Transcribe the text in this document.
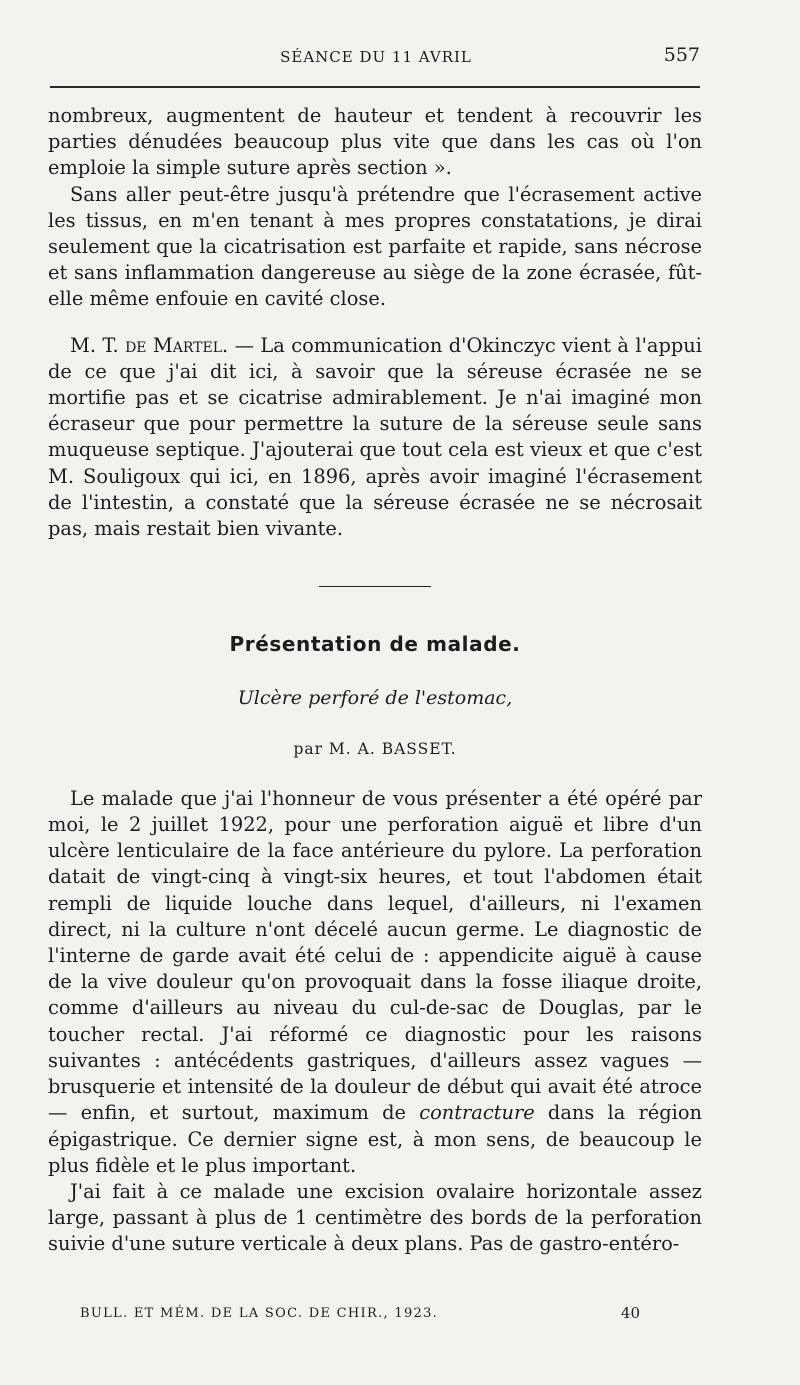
SÉANCE DU 11 AVRIL	557

nombreux, augmentent de hauteur et tendent à recouvrir les parties dénudées beaucoup plus vite que dans les cas où l'on emploie la simple suture après section ».

Sans aller peut-être jusqu'à prétendre que l'écrasement active les tissus, en m'en tenant à mes propres constatations, je dirai seulement que la cicatrisation est parfaite et rapide, sans nécrose et sans inflammation dangereuse au siège de la zone écrasée, fût-elle même enfouie en cavité close.

M. T. de Martel. — La communication d'Okinczyc vient à l'appui de ce que j'ai dit ici, à savoir que la séreuse écrasée ne se mortifie pas et se cicatrise admirablement. Je n'ai imaginé mon écraseur que pour permettre la suture de la séreuse seule sans muqueuse septique. J'ajouterai que tout cela est vieux et que c'est M. Souligoux qui ici, en 1896, après avoir imaginé l'écrasement de l'intestin, a constaté que la séreuse écrasée ne se nécrosait pas, mais restait bien vivante.

Présentation de malade.
Ulcère perforé de l'estomac,
par M. A. BASSET.

Le malade que j'ai l'honneur de vous présenter a été opéré par moi, le 2 juillet 1922, pour une perforation aiguë et libre d'un ulcère lenticulaire de la face antérieure du pylore. La perforation datait de vingt-cinq à vingt-six heures, et tout l'abdomen était rempli de liquide louche dans lequel, d'ailleurs, ni l'examen direct, ni la culture n'ont décelé aucun germe. Le diagnostic de l'interne de garde avait été celui de : appendicite aiguë à cause de la vive douleur qu'on provoquait dans la fosse iliaque droite, comme d'ailleurs au niveau du cul-de-sac de Douglas, par le toucher rectal. J'ai réformé ce diagnostic pour les raisons suivantes : antécédents gastriques, d'ailleurs assez vagues — brusquerie et intensité de la douleur de début qui avait été atroce — enfin, et surtout, maximum de contracture dans la région épigastrique. Ce dernier signe est, à mon sens, de beaucoup le plus fidèle et le plus important.

J'ai fait à ce malade une excision ovalaire horizontale assez large, passant à plus de 1 centimètre des bords de la perforation suivie d'une suture verticale à deux plans. Pas de gastro-entéro-

BULL. ET MÉM. DE LA SOC. DE CHIR., 1923.	40
